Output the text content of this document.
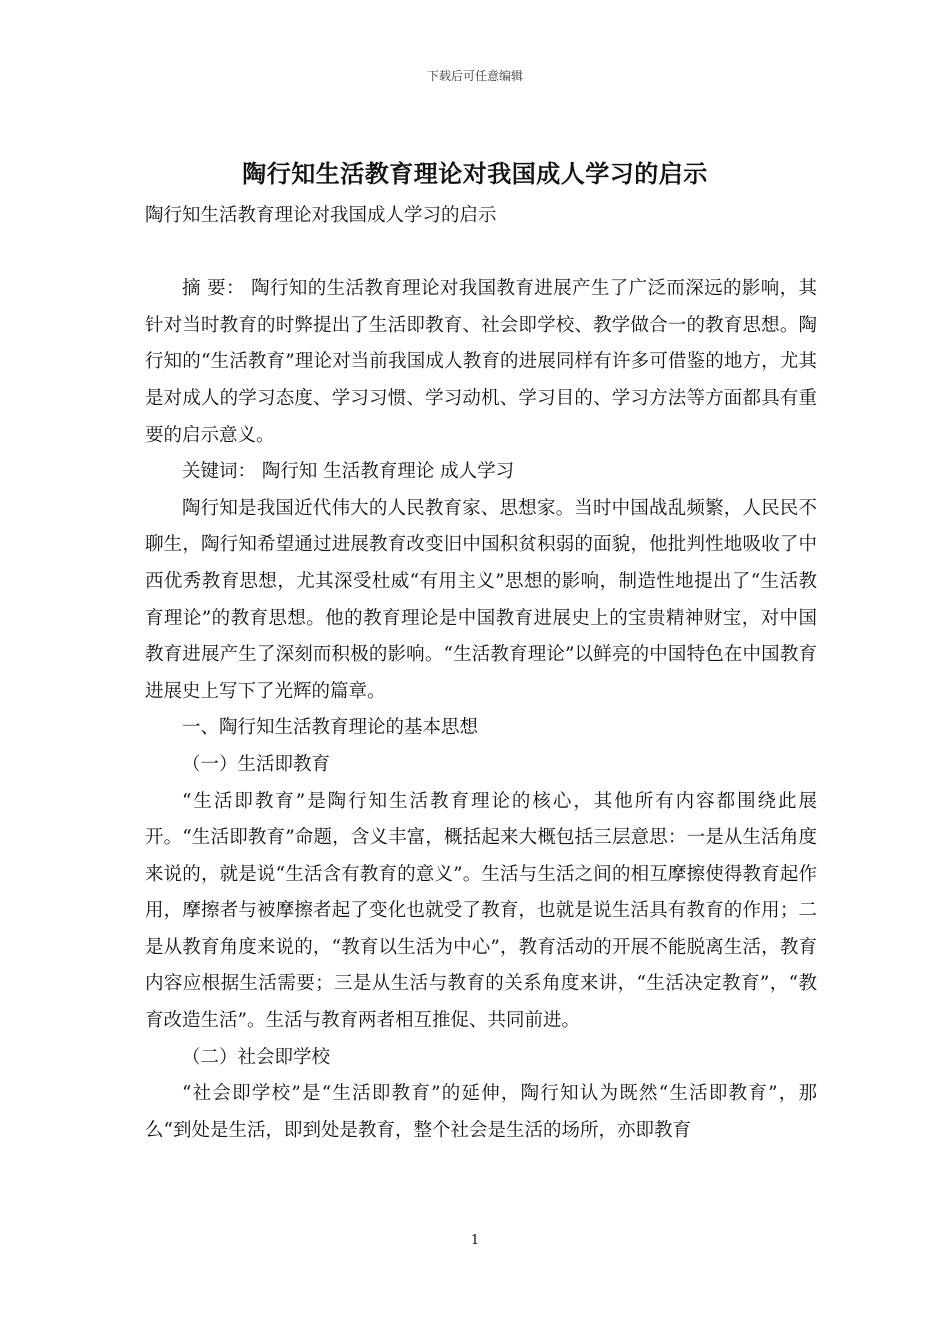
下载后可任意编辑
陶行知生活教育理论对我国成人学习的启示

陶行知生活教育理论对我国成人学习的启示

摘 要： 陶行知的生活教育理论对我国教育进展产生了广泛而深远的影响，其针对当时教育的时弊提出了生活即教育、社会即学校、教学做合一的教育思想。陶行知的“生活教育”理论对当前我国成人教育的进展同样有许多可借鉴的地方，尤其是对成人的学习态度、学习习惯、学习动机、学习目的、学习方法等方面都具有重要的启示意义。

关键词： 陶行知 生活教育理论 成人学习

陶行知是我国近代伟大的人民教育家、思想家。当时中国战乱频繁，人民民不聊生，陶行知希望通过进展教育改变旧中国积贫积弱的面貌，他批判性地吸收了中西优秀教育思想，尤其深受杜威“有用主义”思想的影响，制造性地提出了“生活教育理论”的教育思想。他的教育理论是中国教育进展史上的宝贵精神财宝，对中国教育进展产生了深刻而积极的影响。“生活教育理论”以鲜亮的中国特色在中国教育进展史上写下了光辉的篇章。

一、陶行知生活教育理论的基本思想

（一）生活即教育

“生活即教育”是陶行知生活教育理论的核心，其他所有内容都围绕此展开。“生活即教育”命题，含义丰富，概括起来大概包括三层意思：一是从生活角度来说的，就是说“生活含有教育的意义”。生活与生活之间的相互摩擦使得教育起作用，摩擦者与被摩擦者起了变化也就受了教育，也就是说生活具有教育的作用；二是从教育角度来说的，“教育以生活为中心”，教育活动的开展不能脱离生活，教育内容应根据生活需要；三是从生活与教育的关系角度来讲，“生活决定教育”，“教育改造生活”。生活与教育两者相互推促、共同前进。

（二）社会即学校

“社会即学校”是“生活即教育”的延伸，陶行知认为既然“生活即教育”，那么“到处是生活，即到处是教育，整个社会是生活的场所，亦即教育

1
